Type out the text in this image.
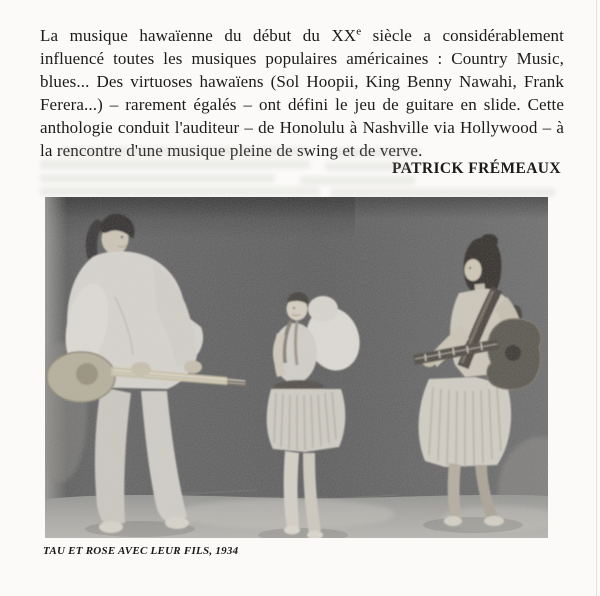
La musique hawaïenne du début du XXe siècle a considérablement influencé toutes les musiques populaires américaines : Country Music, blues... Des virtuoses hawaïens (Sol Hoopii, King Benny Nawahi, Frank Ferera...) – rarement égalés – ont défini le jeu de guitare en slide. Cette anthologie conduit l'auditeur – de Honolulu à Nashville via Hollywood – à la rencontre d'une musique pleine de swing et de verve.

PATRICK FRÉMEAUX
TAU ET ROSE AVEC LEUR FILS, 1934
